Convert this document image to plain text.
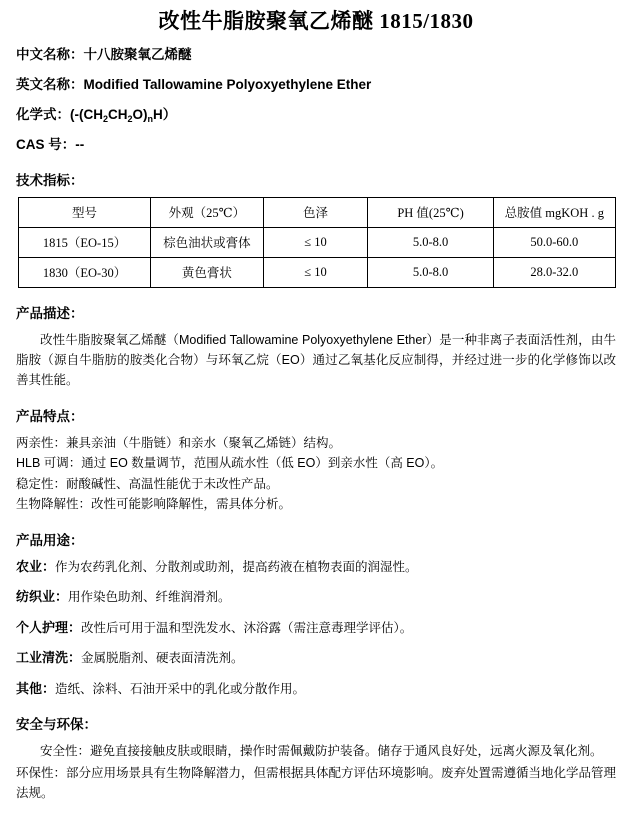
改性牛脂胺聚氧乙烯醚 1815/1830
中文名称：十八胺聚氧乙烯醚
英文名称：Modified Tallowamine Polyoxyethylene Ether
化学式：$(-(CH_2CH_2O)_nH)$
CAS 号：--
技术指标：
型号	外观（25℃）	色泽	PH 值(25℃)	总胺值 mgKOH . g
1815（EO-15）	棕色油状或膏体	≤ 10	5.0-8.0	50.0-60.0
1830（EO-30）	黄色膏状	≤ 10	5.0-8.0	28.0-32.0
产品描述：
改性牛脂胺聚氧乙烯醚（Modified Tallowamine Polyoxyethylene Ether）是一种非离子表面活性剂，由牛脂胺（源自牛脂肪的胺类化合物）与环氧乙烷（EO）通过乙氧基化反应制得，并经过进一步的化学修饰以改善其性能。
产品特点：
两亲性：兼具亲油（牛脂链）和亲水（聚氧乙烯链）结构。
HLB 可调：通过 EO 数量调节，范围从疏水性（低 EO）到亲水性（高 EO）。
稳定性：耐酸碱性、高温性能优于未改性产品。
生物降解性：改性可能影响降解性，需具体分析。
产品用途：
农业：作为农药乳化剂、分散剂或助剂，提高药液在植物表面的润湿性。
纺织业：用作染色助剂、纤维润滑剂。
个人护理：改性后可用于温和型洗发水、沐浴露（需注意毒理学评估）。
工业清洗：金属脱脂剂、硬表面清洗剂。
其他：造纸、涂料、石油开采中的乳化或分散作用。
安全与环保：
安全性：避免直接接触皮肤或眼睛，操作时需佩戴防护装备。储存于通风良好处，远离火源及氧化剂。
环保性：部分应用场景具有生物降解潜力，但需根据具体配方评估环境影响。废弃处置需遵循当地化学品管理法规。
